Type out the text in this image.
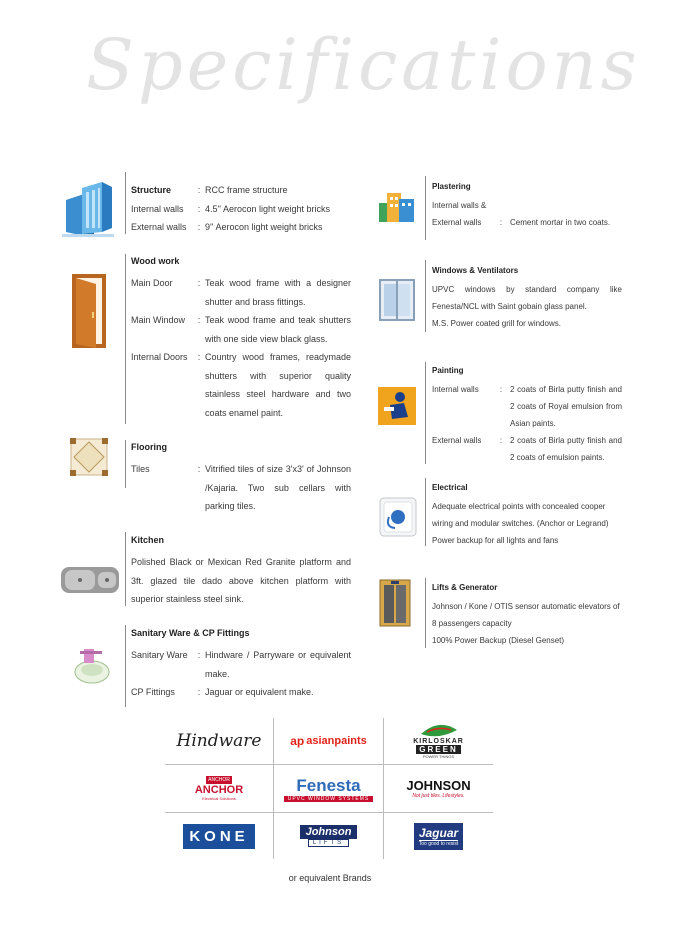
Specifications
Structure	: RCC frame structure
Internal walls	: 4.5'' Aerocon light weight bricks
External walls	: 9'' Aerocon light weight bricks
Wood work
Main Door	: Teak wood frame with a designer shutter and brass fittings.
Main Window	: Teak wood frame and teak shutters with one side view black glass.
Internal Doors	: Country wood frames, readymade shutters with superior quality stainless steel hardware and two coats enamel paint.
Flooring
Tiles	: Vitrified tiles of size 3'x3' of Johnson /Kajaria. Two sub cellars with parking tiles.
Kitchen

Polished Black or Mexican Red Granite platform and 3ft. glazed tile dado above kitchen platform with superior stainless steel sink.

Sanitary Ware & CP Fittings
Sanitary Ware	: Hindware / Parryware or equivalent make.
CP Fittings	: Jaguar or equivalent make.
Plastering

Internal walls &

External walls	: Cement mortar in two coats.
Windows & Ventilators

UPVC windows by standard company like Fenesta/NCL with Saint gobain glass panel.

M.S. Power coated grill for windows.

Painting
Internal walls	: 2 coats of Birla putty finish and 2 coats of Royal emulsion from Asian paints.
External walls	: 2 coats of Birla putty finish and 2 coats of emulsion paints.
Electrical

Adequate electrical points with concealed cooper wiring and modular switches. (Anchor or Legrand)

Power backup for all lights and fans

Lifts & Generator

Johnson / Kone / OTIS sensor automatic elevators of 8 passengers capacity

100% Power Backup (Diesel Genset)

Hindware ap asianpaints	KIRLOSKAR
GREEN
POWER THINGS
ANCHOR
ANCHOR
Electrical Solutions
Fenesta
UPVC WINDOW SYSTEMS
JOHNSON
Not just tiles. Lifestyles.
KONE	Johnson
LIFTS
Jaguar
Too good to resist
or equivalent Brands
